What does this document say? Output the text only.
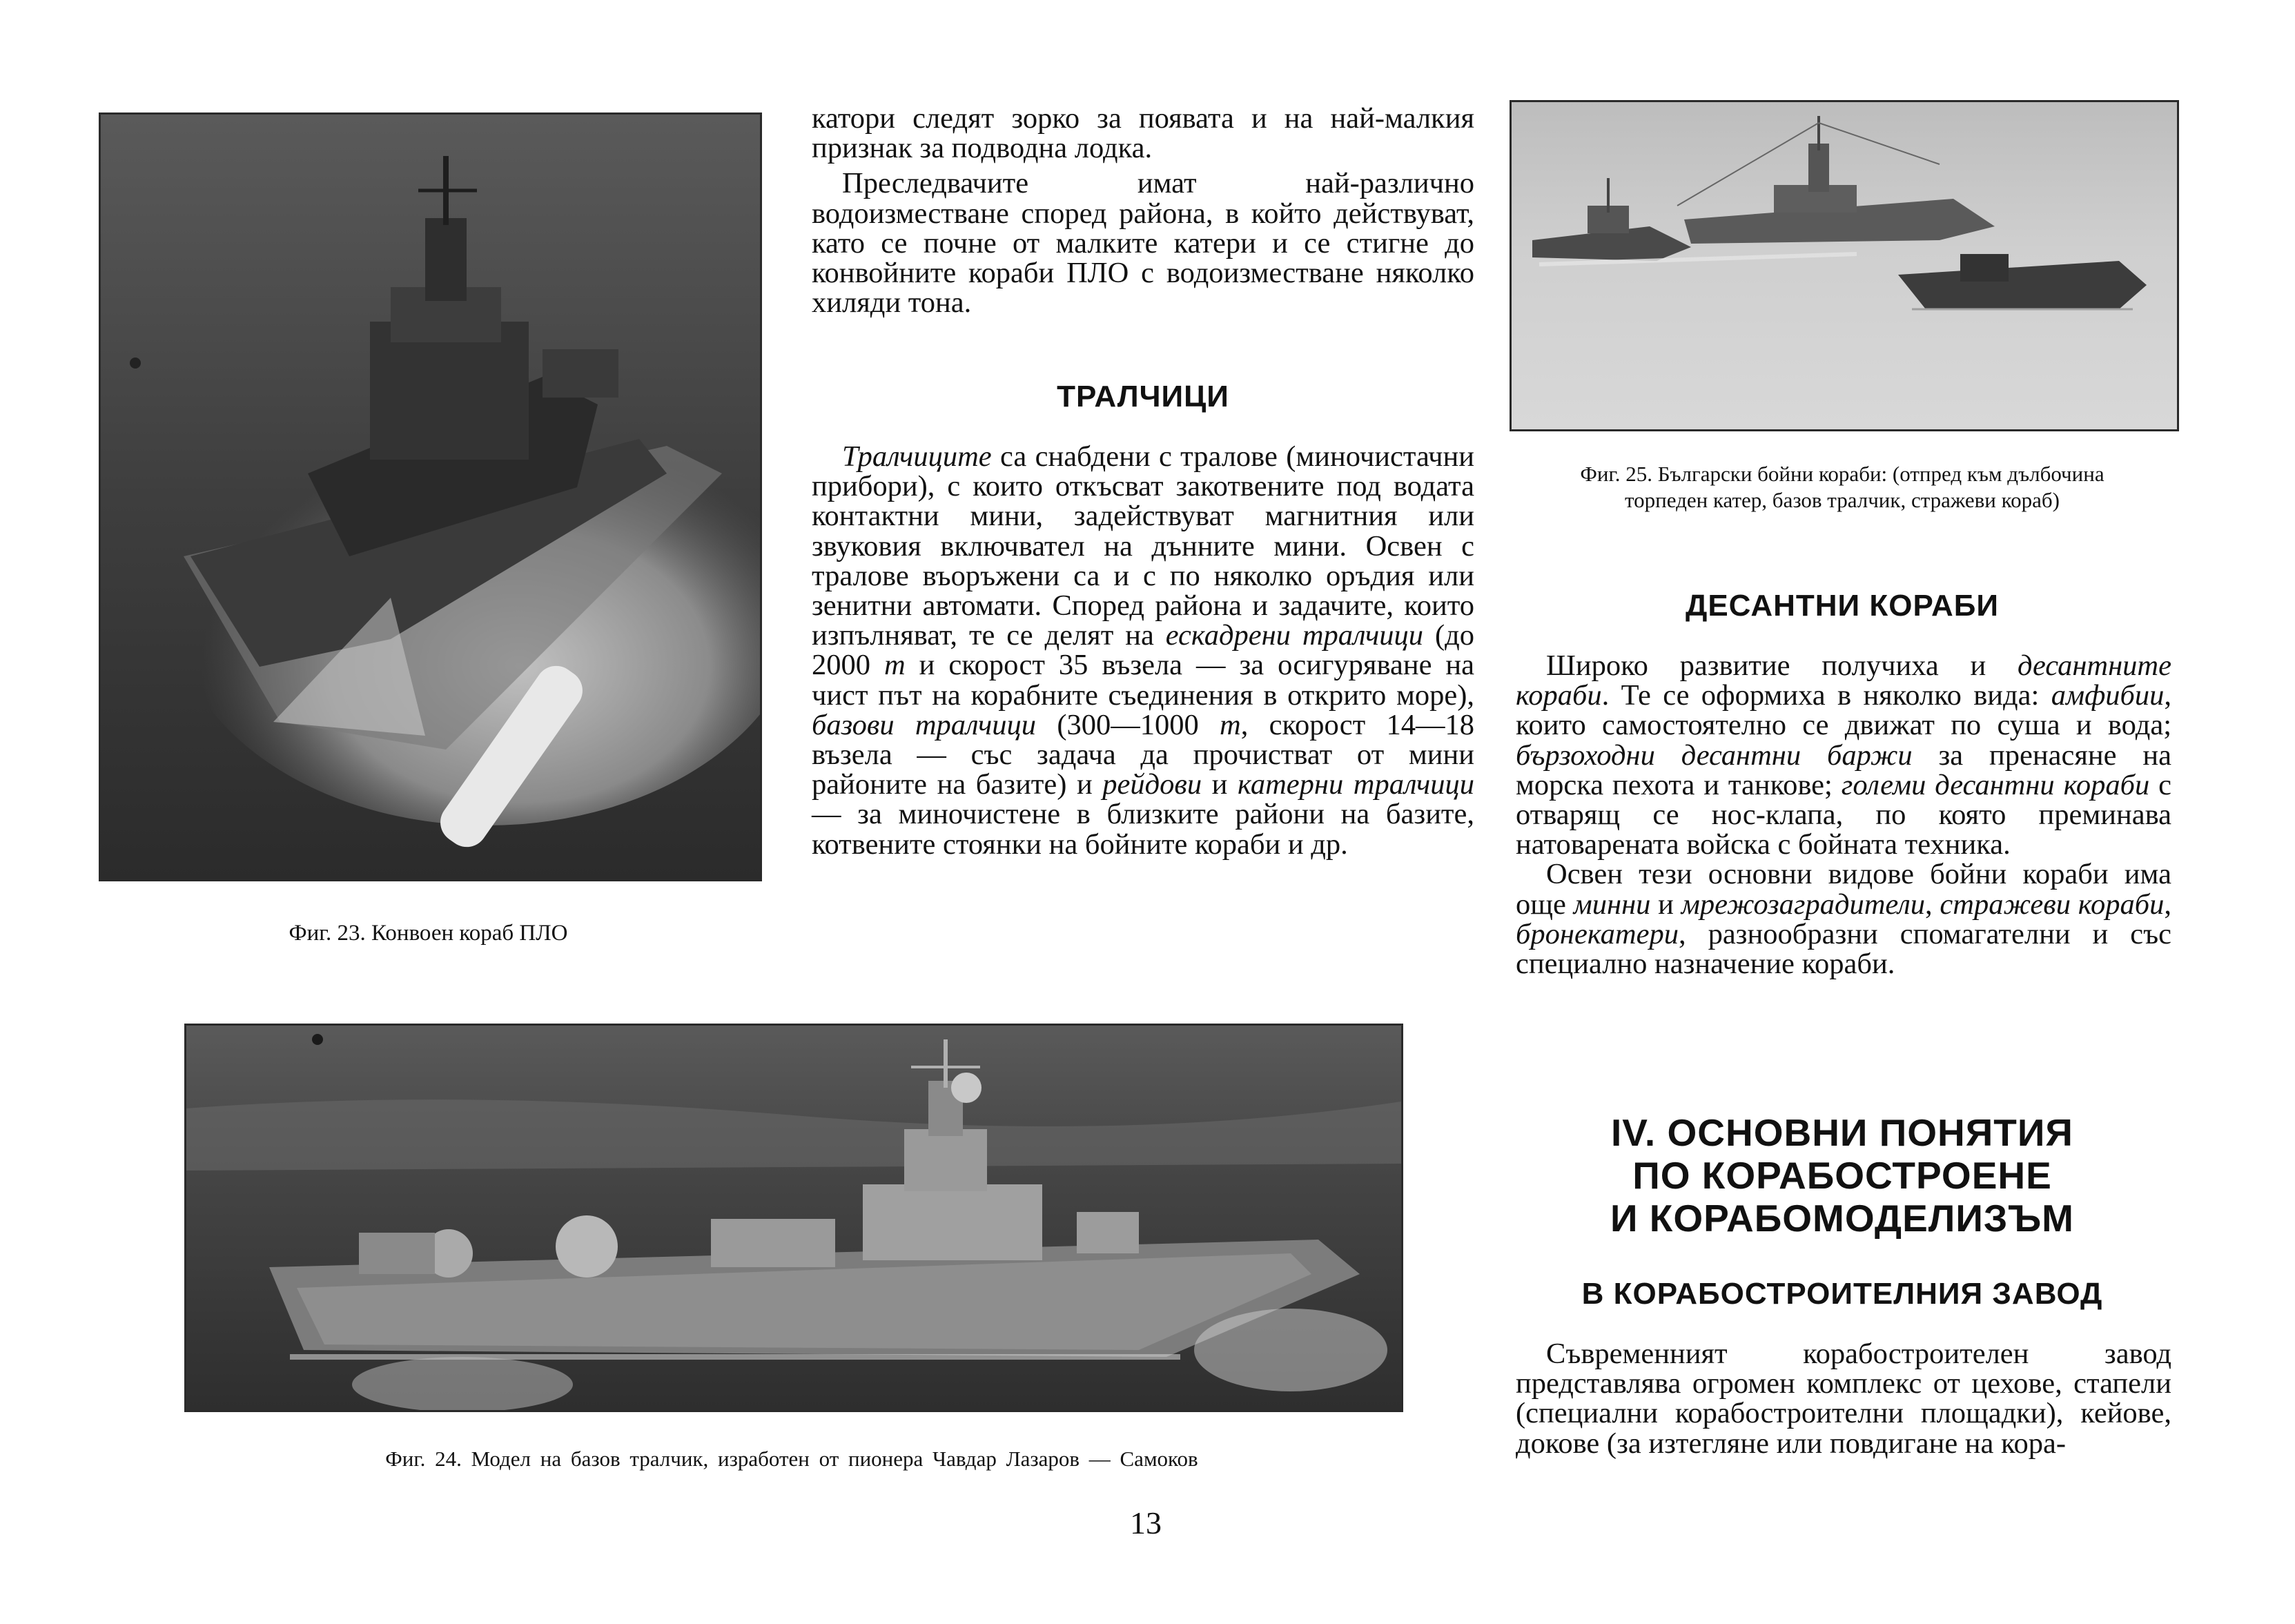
Фиг. 23. Конвоен кораб ПЛО

катори следят зорко за появата и на най-малкия признак за подводна лодка.

Преследвачите имат най-различно водоизместване според района, в който действуват, като се почне от малките катери и се стигне до конвойните кораби ПЛО с водоизместване няколко хиляди тона.

ТРАЛЧИЦИ

Тралчиците са снабдени с тралове (миночистачни прибори), с които откъсват закотвените под водата контактни мини, задействуват магнитния или звуковия включвател на дънните мини. Освен с тралове въоръжени са и с по няколко оръдия или зенитни автомати. Според района и задачите, които изпълняват, те се делят на ескадрени тралчици (до 2000 т и скорост 35 възела — за осигуряване на чист път на корабните съединения в открито море), базови тралчици (300—1000 т, скорост 14—18 възела — със задача да прочистват от мини районите на базите) и рейдови и катерни тралчици — за миночистене в близките райони на базите, котвените стоянки на бойните кораби и др.

Фиг. 25. Български бойни кораби: (отпред към дълбочина
торпеден катер, базов тралчик, стражеви кораб)
ДЕСАНТНИ КОРАБИ

Широко развитие получиха и десантните кораби. Те се оформиха в няколко вида: амфибии, които самостоятелно се движат по суша и вода; бързоходни десантни баржи за пренасяне на морска пехота и танкове; големи десантни кораби с отварящ се нос-клапа, по която преминава натоварената войска с бойната техника.

Освен тези основни видове бойни кораби има още минни и мрежозаградители, стражеви кораби, бронекатери, разнообразни спомагателни и със специално назначение кораби.

IV. ОСНОВНИ ПОНЯТИЯ
ПО КОРАБОСТРОЕНЕ
И КОРАБОМОДЕЛИЗЪМ
В КОРАБОСТРОИТЕЛНИЯ ЗАВОД

Съвременният корабостроителен завод представлява огромен комплекс от цехове, стапели (специални корабостроителни площадки), кейове, докове (за изтегляне или повдигане на кора-

Фиг. 24. Модел на базов тралчик, изработен от пионера Чавдар Лазаров — Самоков
13
